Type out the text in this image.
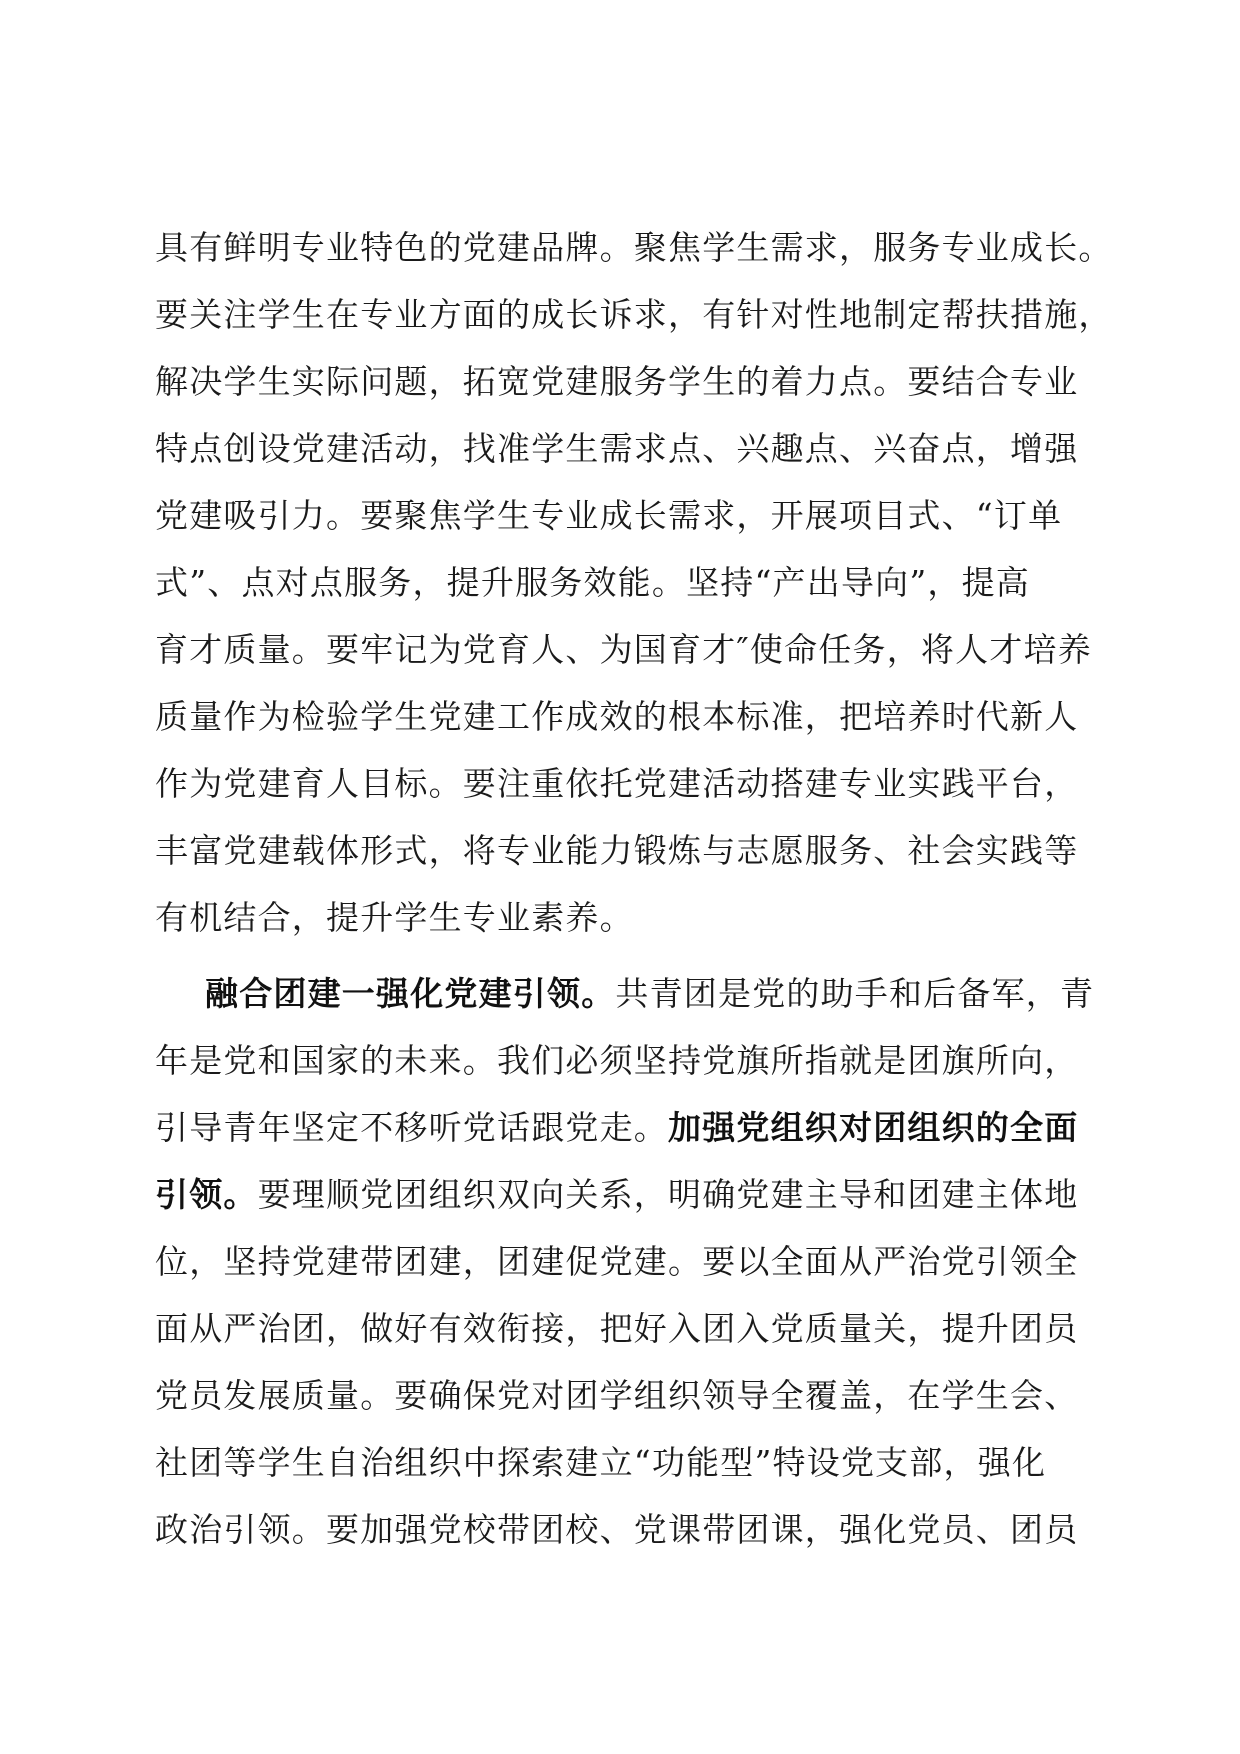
具有鲜明专业特色的党建品牌。聚焦学生需求，服务专业成长。
要关注学生在专业方面的成长诉求，有针对性地制定帮扶措施，
解决学生实际问题，拓宽党建服务学生的着力点。要结合专业
特点创设党建活动，找准学生需求点、兴趣点、兴奋点，增强
党建吸引力。要聚焦学生专业成长需求，开展项目式、“订单
式”、点对点服务，提升服务效能。坚持“产出导向”，提高
育才质量。要牢记为党育人、为国育才″使命任务，将人才培养
质量作为检验学生党建工作成效的根本标准，把培养时代新人
作为党建育人目标。要注重依托党建活动搭建专业实践平台，
丰富党建载体形式，将专业能力锻炼与志愿服务、社会实践等
有机结合，提升学生专业素养。
融合团建一强化党建引领。共青团是党的助手和后备军，青
年是党和国家的未来。我们必须坚持党旗所指就是团旗所向，
引导青年坚定不移听党话跟党走。加强党组织对团组织的全面
引领。要理顺党团组织双向关系，明确党建主导和团建主体地
位，坚持党建带团建，团建促党建。要以全面从严治党引领全
面从严治团，做好有效衔接，把好入团入党质量关，提升团员
党员发展质量。要确保党对团学组织领导全覆盖，在学生会、
社团等学生自治组织中探索建立“功能型”特设党支部，强化
政治引领。要加强党校带团校、党课带团课，强化党员、团员
